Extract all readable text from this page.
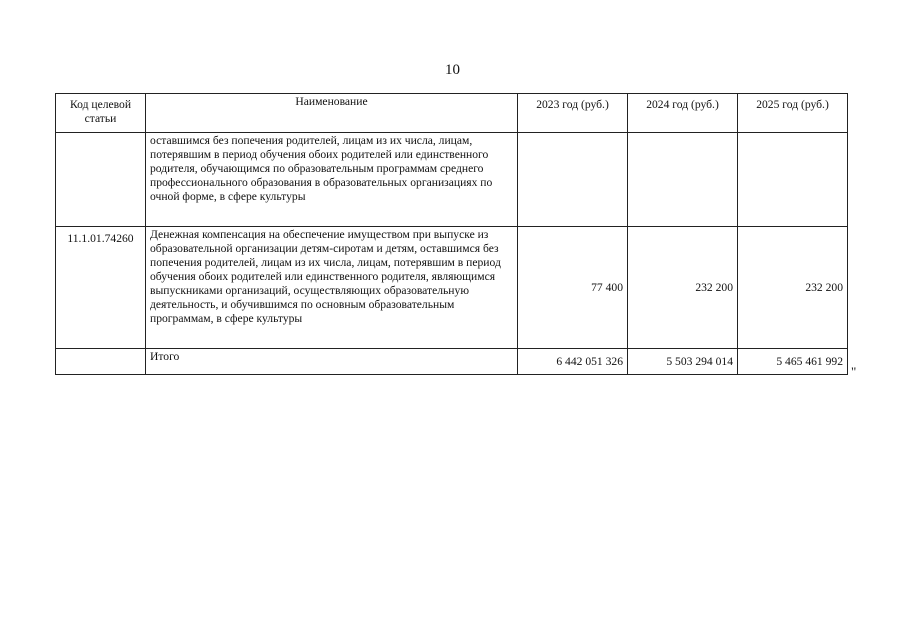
10
Код целевой статьи	Наименование	2023 год (руб.)	2024 год (руб.)	2025 год (руб.)
	оставшимся без попечения родителей, лицам из их числа, лицам, потерявшим в период обучения обоих родителей или единственного родителя, обучающимся по образовательным программам среднего профессионального образования в образовательных организациях по очной форме, в сфере культуры			
11.1.01.74260	Денежная компенсация на обеспечение имуществом при выпуске из образовательной организации детям-сиротам и детям, оставшимся без попечения родителей, лицам из их числа, лицам, потерявшим в период обучения обоих родителей или единственного родителя, являющимся выпускниками организаций, осуществляющих образовательную деятельность, и обучившимся по основным образовательным программам, в сфере культуры	77 400	232 200	232 200
	Итого	6 442 051 326	5 503 294 014	5 465 461 992
"
